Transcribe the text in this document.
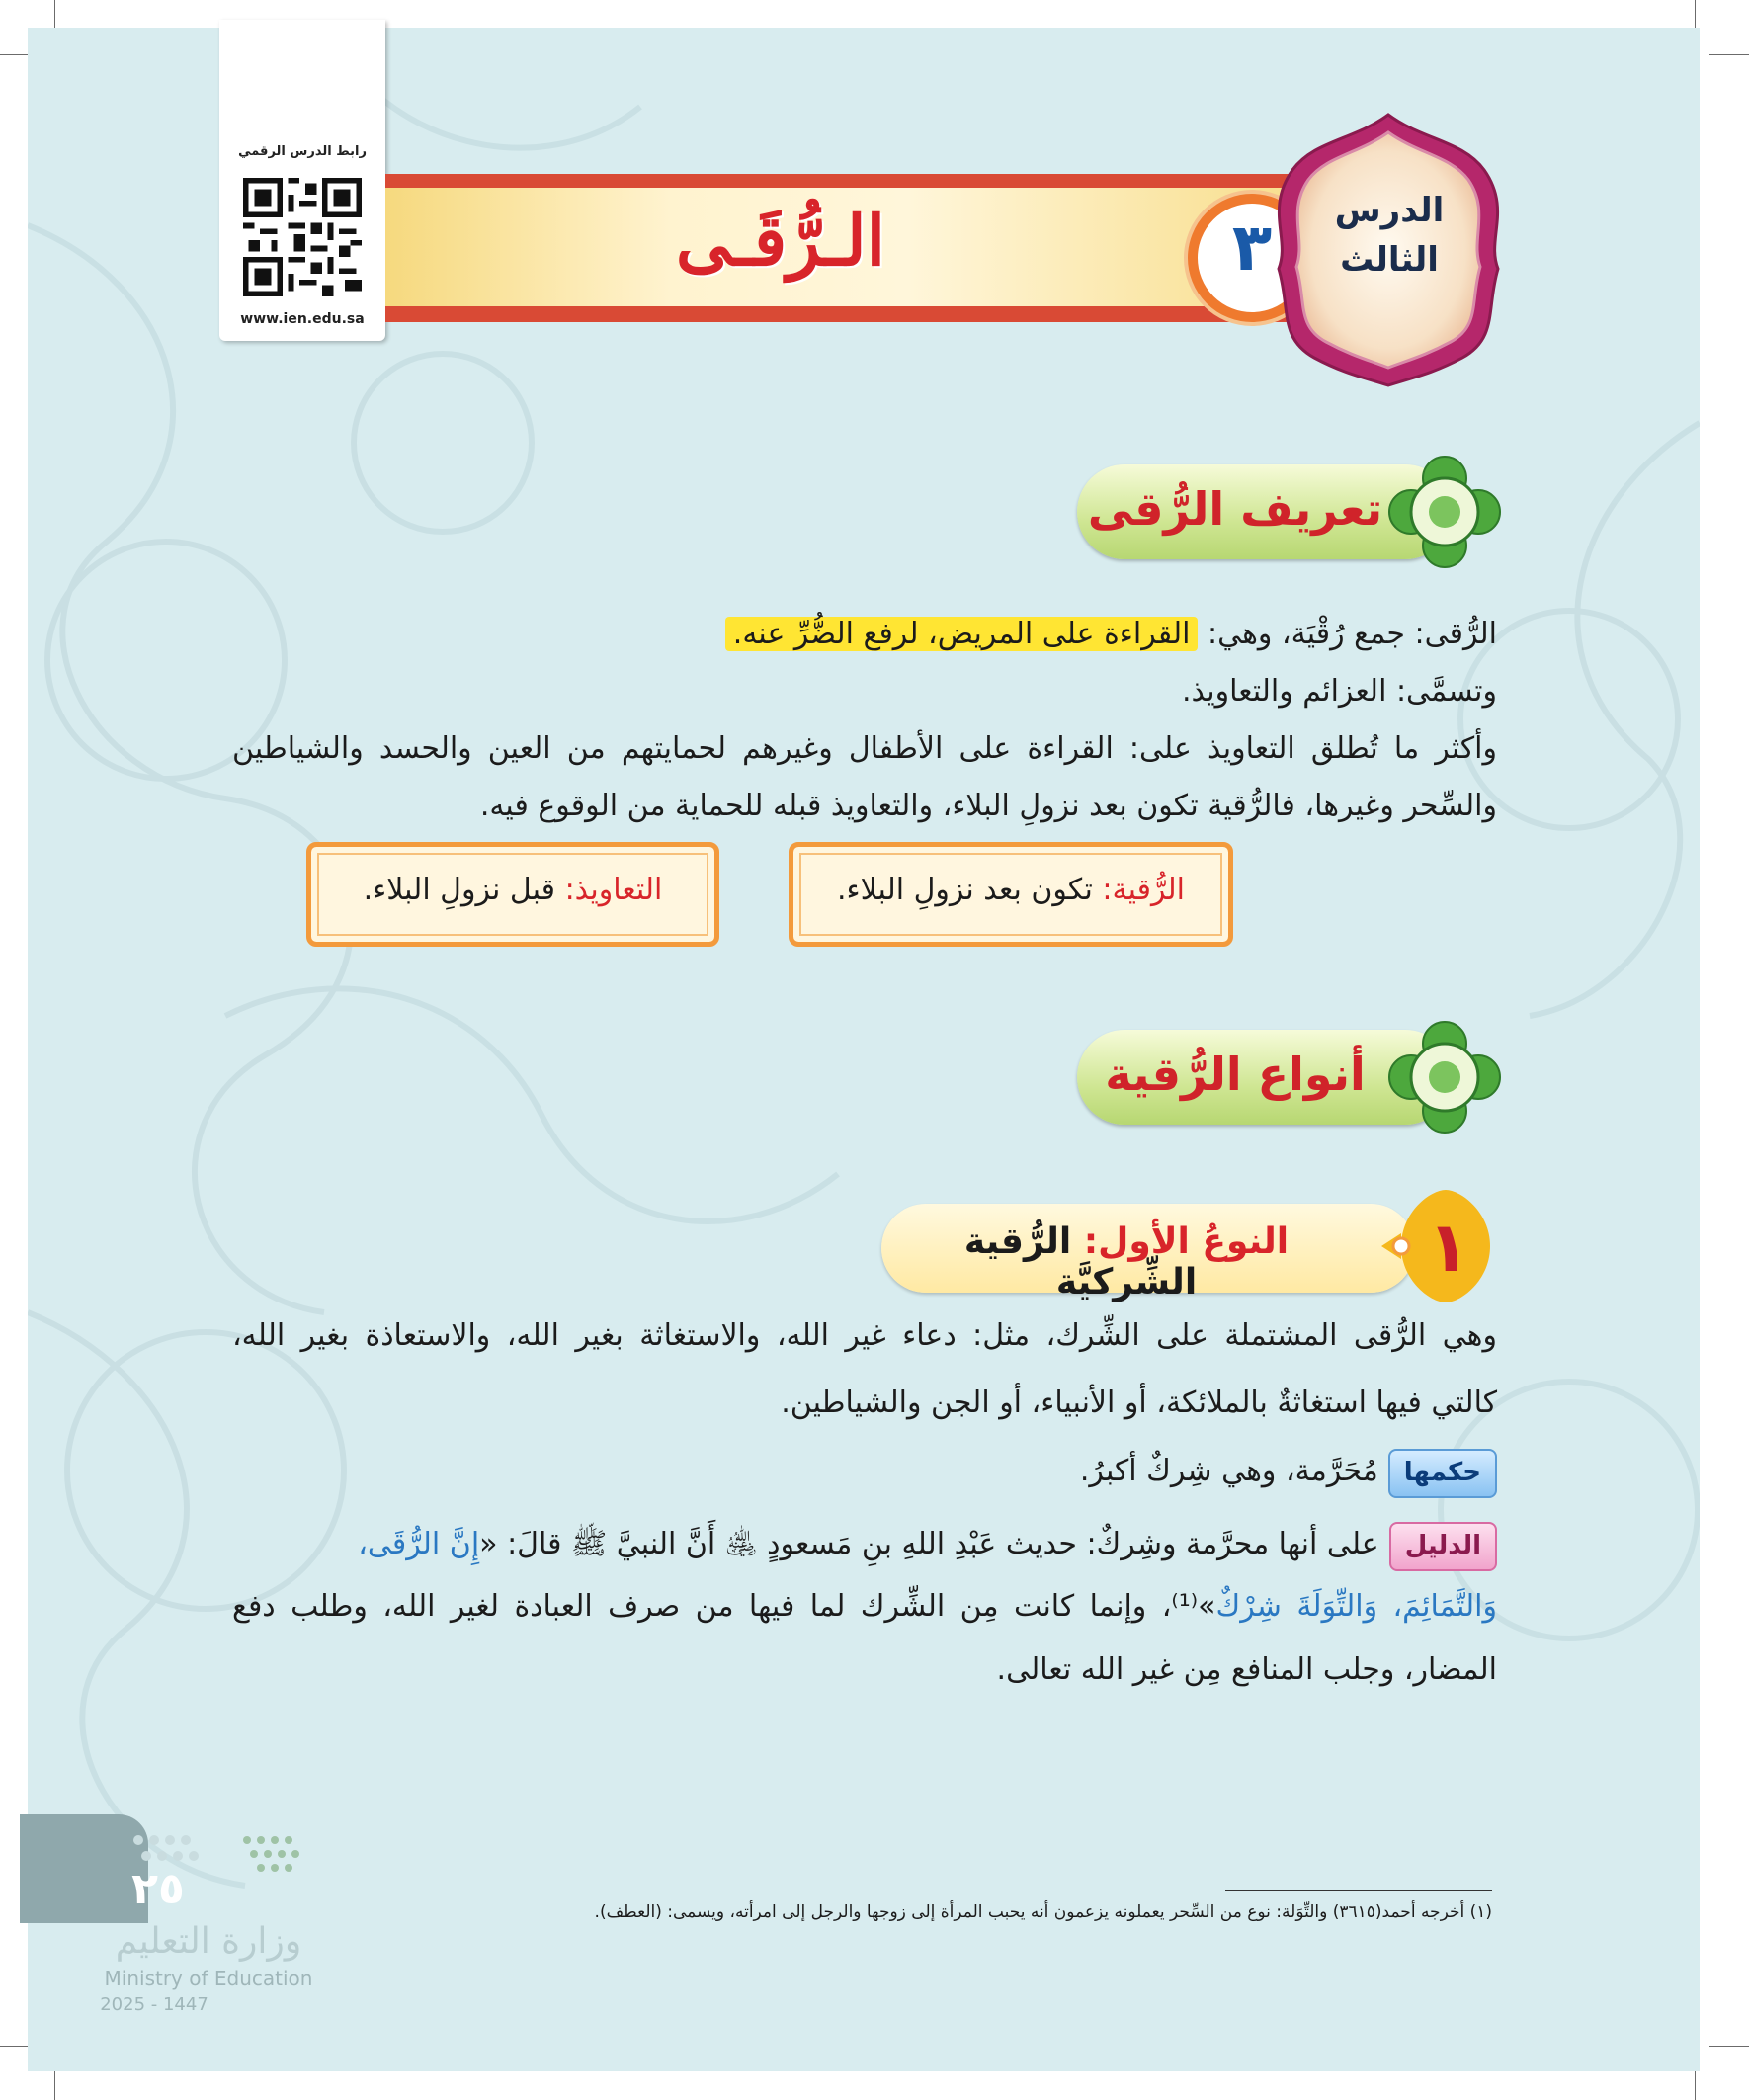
رابط الدرس الرقمي
www.ien.edu.sa
الـرُّقَـى	٣	الدرس
الثالث
تعريف الرُّقى
الرُّقى: جمع رُقْيَة، وهي: القراءة على المريض، لرفع الضُّرِّ عنه.
وتسمَّى: العزائم والتعاويذ.
وأكثر ما تُطلق التعاويذ على: القراءة على الأطفال وغيرهم لحمايتهم من العين والحسد والشياطين
والسِّحر وغيرها، فالرُّقية تكون بعد نزولِ البلاء، والتعاويذ قبله للحماية من الوقوع فيه.
الرُّقية: تكون بعد نزولِ البلاء.
التعاويذ: قبل نزولِ البلاء.
أنواع الرُّقية
النوعُ الأول: الرُّقية الشِّركيَّة	١
وهي الرُّقى المشتملة على الشِّرك، مثل: دعاء غير الله، والاستغاثة بغير الله، والاستعاذة بغير الله،
كالتي فيها استغاثةٌ بالملائكة، أو الأنبياء، أو الجن والشياطين.
حكمهامُحَرَّمة، وهي شِركٌ أكبرُ.
الدليلعلى أنها محرَّمة وشِركٌ: حديث عَبْدِ اللهِ بنِ مَسعودٍ ﵁ أَنَّ النبيَّ ﷺ قالَ: «إِنَّ الرُّقَى،
وَالتَّمَائِمَ، وَالتِّوَلَةَ شِرْكٌ»⁽¹⁾، وإنما كانت مِن الشِّرك لما فيها من صرف العبادة لغير الله، وطلب دفع
المضار، وجلب المنافع مِن غير الله تعالى.
(١) أخرجه أحمد(٣٦١٥) والتِّوَلة: نوع من السِّحر يعملونه يزعمون أنه يحبب المرأة إلى زوجها والرجل إلى امرأته، ويسمى: (العطف).
٢٥
وزارة التعليم
Ministry of Education
2025 - 1447
